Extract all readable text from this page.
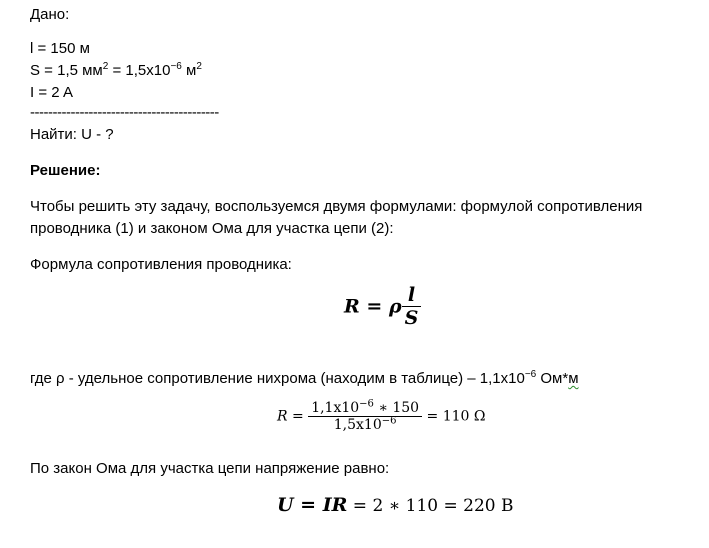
Дано:
l = 150 м
S = 1,5 $мм^2 = 1,5x10^{-6}$ $м^2$
I = 2 A
------------------------------------------
Найти: U - ?
Решение:
Чтобы решить эту задачу, воспользуемся двумя формулами: формулой сопротивления
проводника (1) и законом Ома для участка цепи (2):
Формула сопротивления проводника:
R = ρ $\frac{l}{S}$
где ρ - удельное сопротивление нихрома (находим в таблице) – $1,1x10^{-6}$ Ом*м
$R = \frac{1,1x10^{-6} ∗ 150}{1,5x10^{-6}} = 110$ Ω
По закон Ома для участка цепи напряжение равно:
U = IR = 2 ∗ 110 = 220 В
